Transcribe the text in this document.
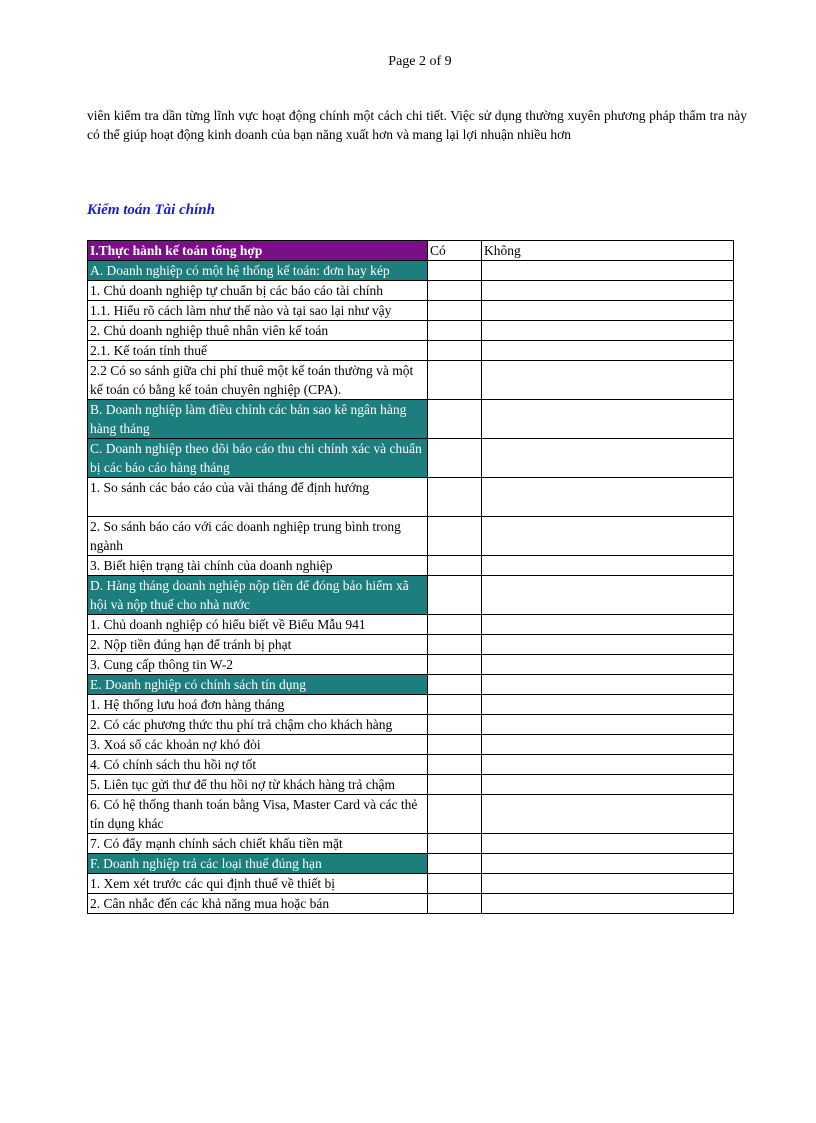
Page 2 of 9
viên kiểm tra dần từng lĩnh vực hoạt động chính một cách chi tiết. Việc sử dụng thường xuyên phương pháp thẩm tra này có thể giúp hoạt động kinh doanh của bạn năng xuất hơn và mang lại lợi nhuận nhiều hơn
Kiểm toán Tài chính
I.Thực hành kế toán tổng hợp	Có	Không
A. Doanh nghiệp có một hệ thống kế toán: đơn hay kép		
1. Chủ doanh nghiệp tự chuẩn bị các báo cáo tài chính		
1.1. Hiểu rõ cách làm như thế nào và tại sao lại như vậy		
2. Chủ doanh nghiệp thuê nhân viên kế toán		
2.1. Kế toán tính thuế		
2.2 Có so sánh giữa chi phí thuê một kế toán thường và một kế toán có bằng kế toán chuyên nghiệp (CPA).		
B. Doanh nghiệp làm điều chỉnh các bản sao kê ngân hàng hàng tháng		
C. Doanh nghiệp theo dõi báo cáo thu chi chính xác và chuẩn bị các báo cáo hàng tháng		
1. So sánh các báo cáo của vài tháng để định hướng		
2. So sánh báo cáo với các doanh nghiệp trung bình trong ngành		
3. Biết hiện trạng tài chính của doanh nghiệp		
D. Hàng tháng doanh nghiệp nộp tiền để đóng bảo hiểm xã hội và nộp thuế cho nhà nước		
1. Chủ doanh nghiệp có hiểu biết về Biểu Mẫu 941		
2. Nộp tiền đúng hạn để tránh bị phạt		
3. Cung cấp thông tin W-2		
E. Doanh nghiệp có chính sách tín dụng		
1. Hệ thống lưu hoá đơn hàng tháng		
2. Có các phương thức thu phí trả chậm cho khách hàng		
3. Xoá sổ các khoản nợ khó đòi		
4. Có chính sách thu hồi nợ tốt		
5. Liên tục gửi thư để thu hồi nợ từ khách hàng trả chậm		
6. Có hệ thống thanh toán bằng Visa, Master Card và các thẻ tín dụng khác		
7. Có đẩy mạnh chính sách chiết khấu tiền mặt		
F. Doanh nghiệp trả các loại thuế đúng hạn		
1. Xem xét trước các qui định thuế về thiết bị		
2. Cân nhắc đến các khả năng mua hoặc bán		
